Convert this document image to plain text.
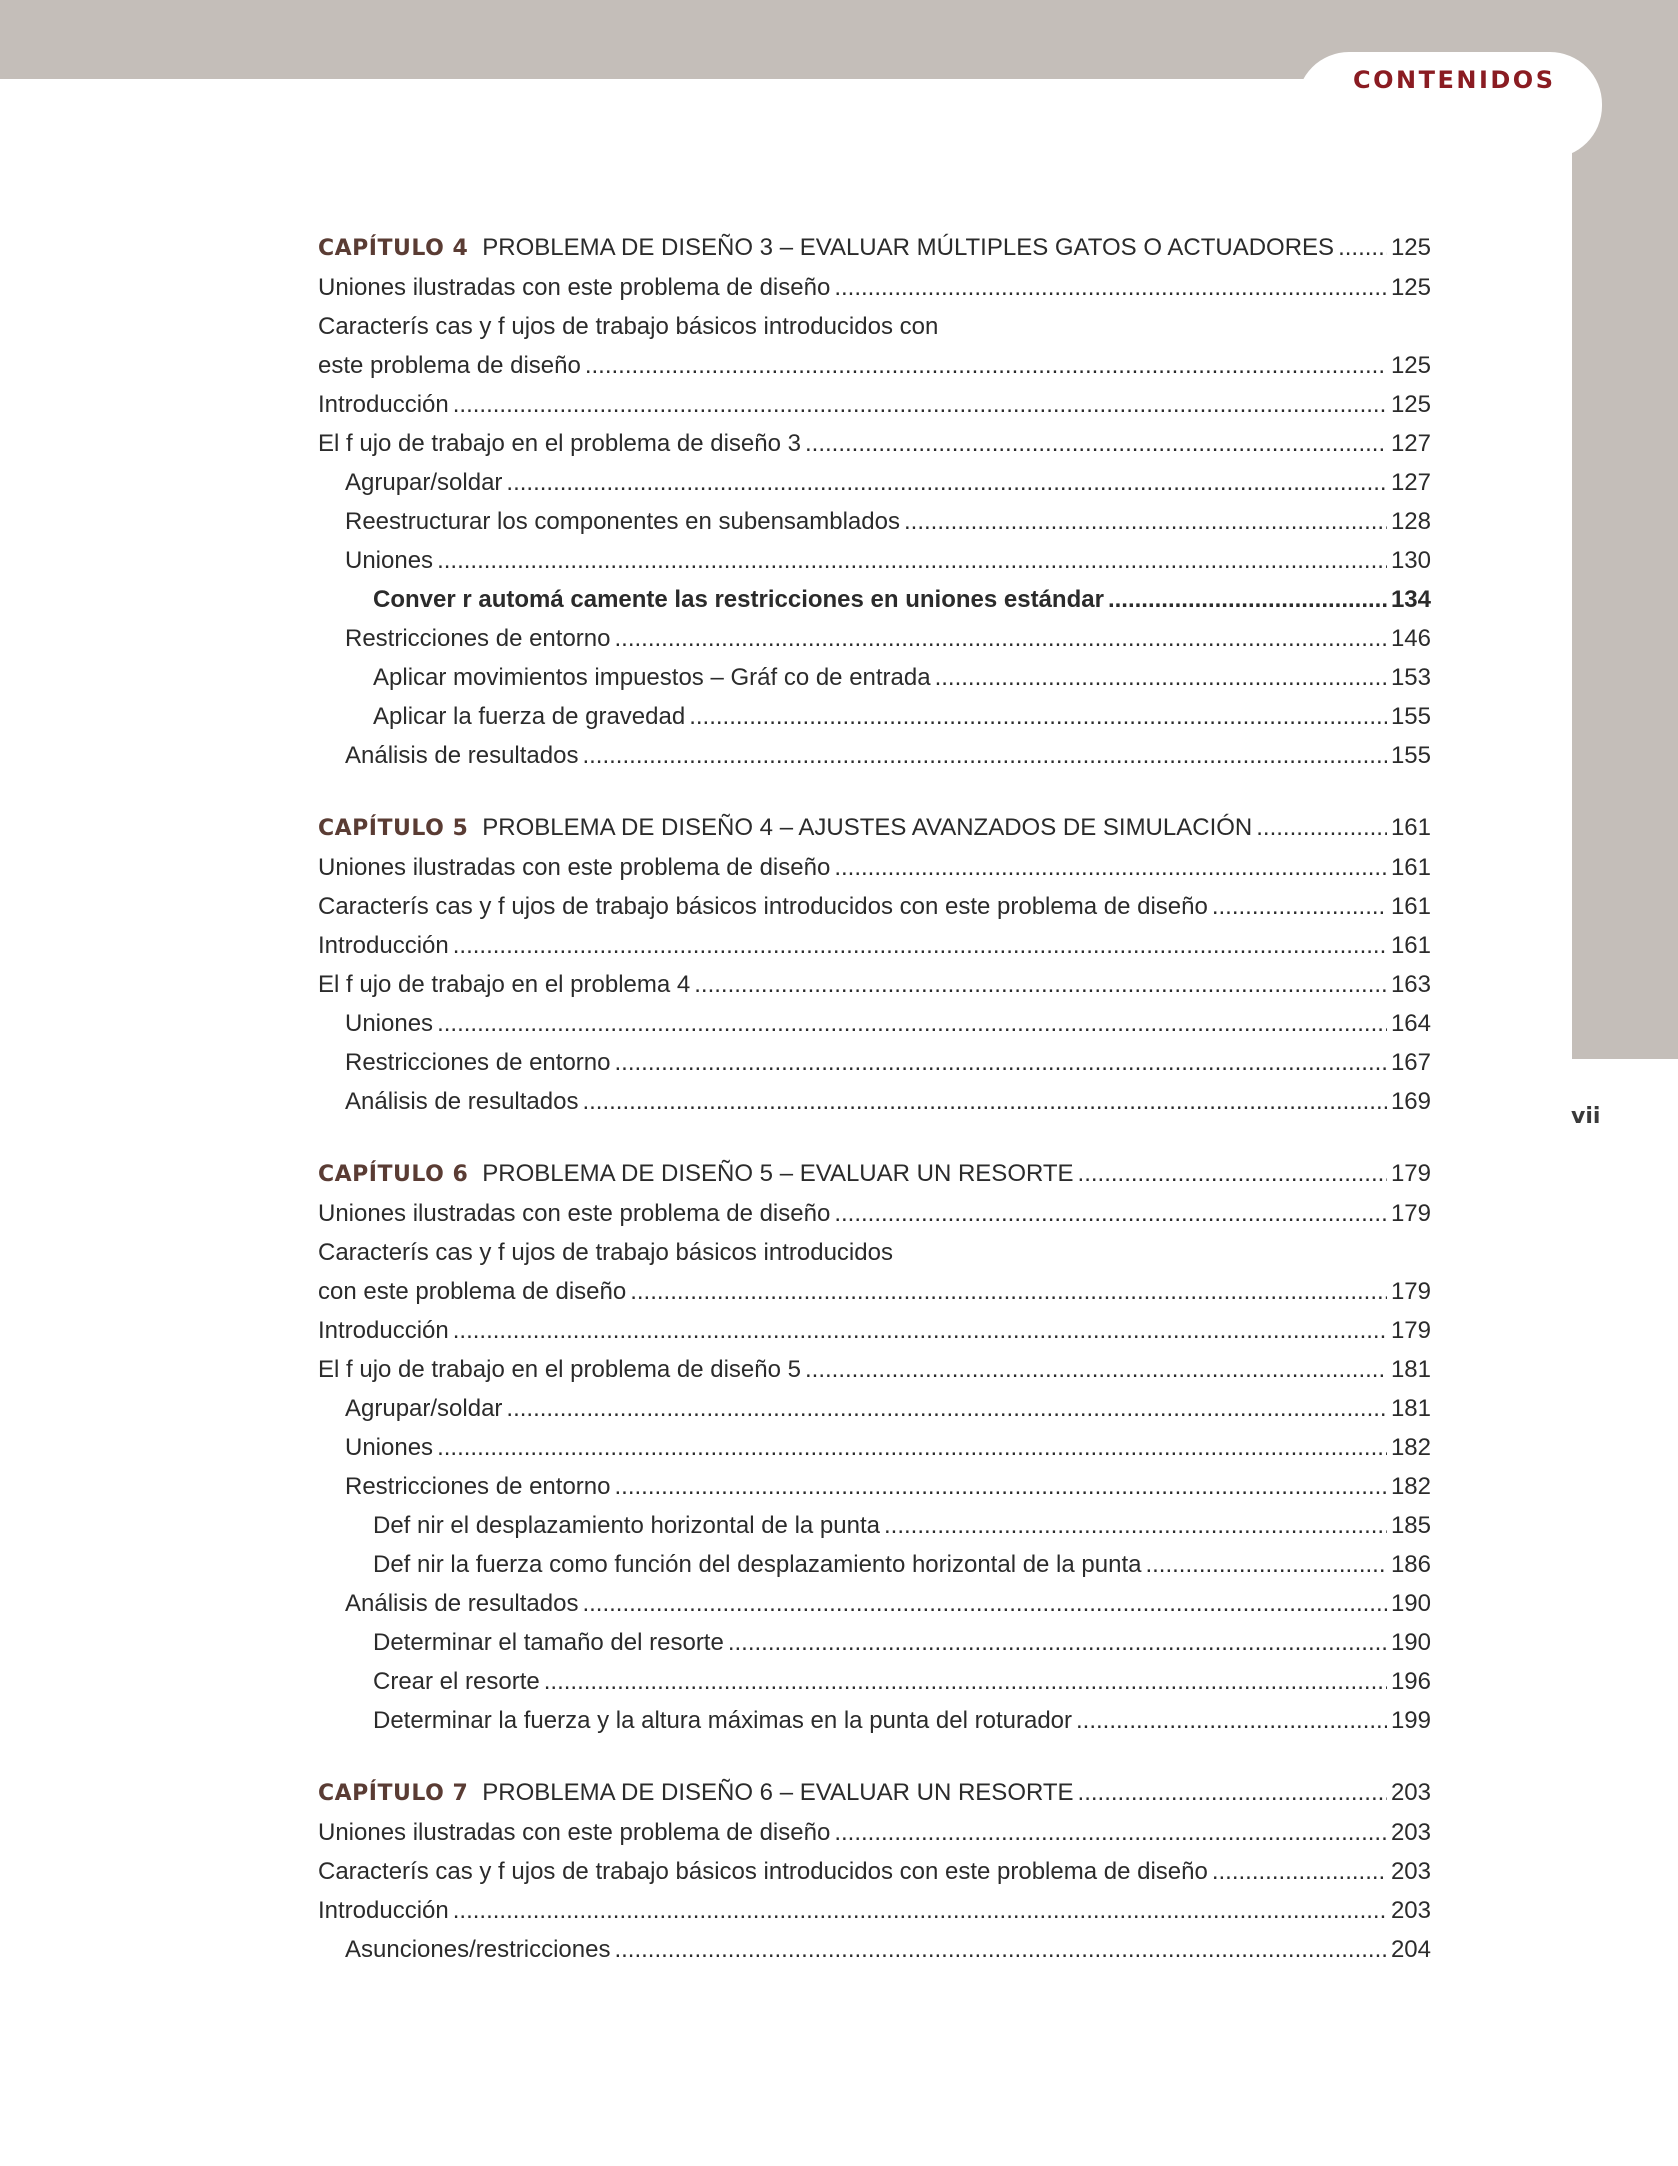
CONTENIDOS
vii
CAPÍTULO 4 PROBLEMA DE DISEÑO 3 – EVALUAR MÚLTIPLES GATOS O ACTUADORES ..... 125
Uniones ilustradas con este problema de diseño .....	125
Caracterís cas y f ujos de trabajo básicos introducidos con
este problema de diseño .....	125
Introducción .....	125
El f ujo de trabajo en el problema de diseño 3 .....	127
Agrupar/soldar .....	127
Reestructurar los componentes en subensamblados .....	128
Uniones .....	130
Conver r automá camente las restricciones en uniones estándar .....	134
Restricciones de entorno .....	146
Aplicar movimientos impuestos – Gráf co de entrada .....	153
Aplicar la fuerza de gravedad .....	155
Análisis de resultados .....	155
CAPÍTULO 5 PROBLEMA DE DISEÑO 4 – AJUSTES AVANZADOS DE SIMULACIÓN .....	161
Uniones ilustradas con este problema de diseño .....	161
Caracterís cas y f ujos de trabajo básicos introducidos con este problema de diseño .....	161
Introducción .....	161
El f ujo de trabajo en el problema 4 .....	163
Uniones .....	164
Restricciones de entorno .....	167
Análisis de resultados .....	169
CAPÍTULO 6 PROBLEMA DE DISEÑO 5 – EVALUAR UN RESORTE .....	179
Uniones ilustradas con este problema de diseño .....	179
Caracterís cas y f ujos de trabajo básicos introducidos
con este problema de diseño .....	179
Introducción .....	179
El f ujo de trabajo en el problema de diseño 5 .....	181
Agrupar/soldar .....	181
Uniones .....	182
Restricciones de entorno .....	182
Def nir el desplazamiento horizontal de la punta .....	185
Def nir la fuerza como función del desplazamiento horizontal de la punta .....	186
Análisis de resultados .....	190
Determinar el tamaño del resorte .....	190
Crear el resorte .....	196
Determinar la fuerza y la altura máximas en la punta del roturador .....	199
CAPÍTULO 7 PROBLEMA DE DISEÑO 6 – EVALUAR UN RESORTE .....	203
Uniones ilustradas con este problema de diseño .....	203
Caracterís cas y f ujos de trabajo básicos introducidos con este problema de diseño .....	203
Introducción .....	203
Asunciones/restricciones .....	204
